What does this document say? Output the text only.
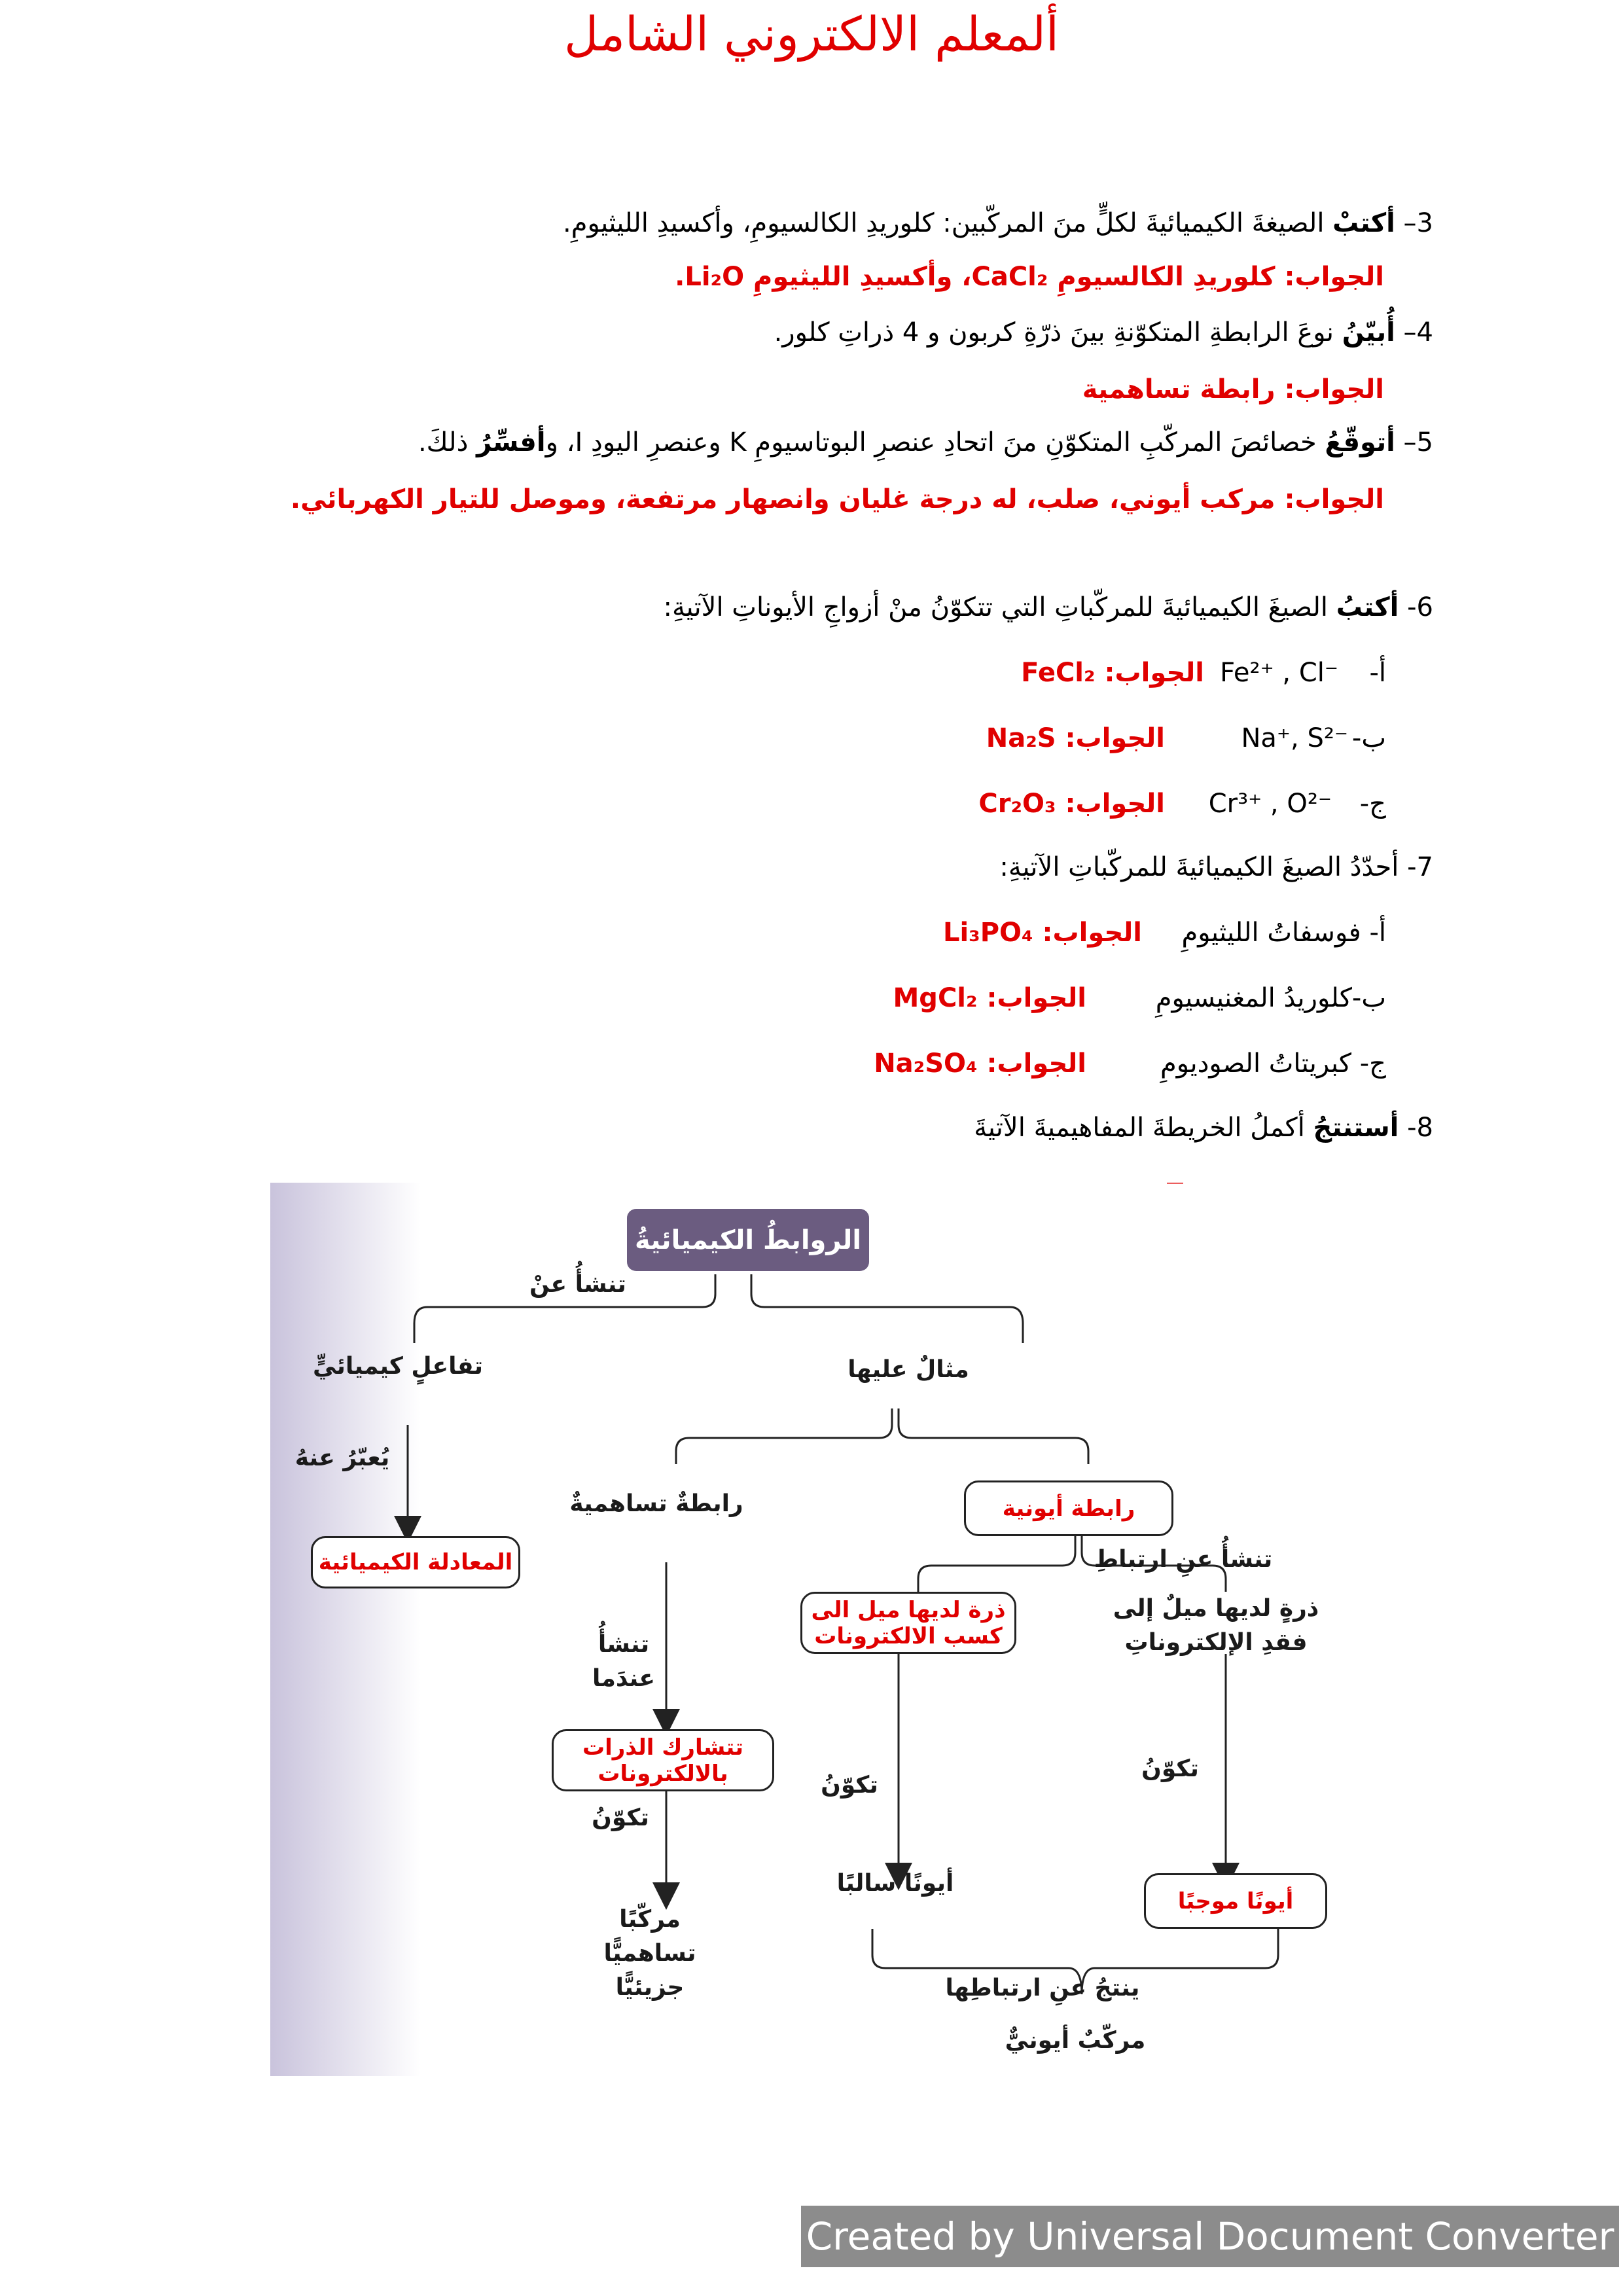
ألمعلم الالكتروني الشامل
3– أكتبْ الصيغةَ الكيميائيةَ لكلٍّ منَ المركّبين: كلوريدِ الكالسيومِ، وأكسيدِ الليثيومِ.
الجواب: كلوريدِ الكالسيومِ CaCl₂، وأكسيدِ الليثيومِ Li₂O.
4– أُبيّنُ نوعَ الرابطةِ المتكوّنةِ بينَ ذرّةِ كربون و 4 ذراتِ كلور.
الجواب: رابطة تساهمية
5– أتوقّعُ خصائصَ المركّبِ المتكوّنِ منَ اتحادِ عنصرِ البوتاسيومِ K وعنصرِ اليودِ I، وأفسِّرُ ذلكَ.
الجواب: مركب أيوني، صلب، له درجة غليان وانصهار مرتفعة، وموصل للتيار الكهربائي.
6- أكتبُ الصيغَ الكيميائيةَ للمركّباتِ التي تتكوّنُ منْ أزواجِ الأيوناتِ الآتيةِ:
أ-
Fe²⁺ , Cl⁻
الجواب: FeCl₂
ب-
Na⁺, S²⁻
الجواب: Na₂S
ج-
Cr³⁺ , O²⁻
الجواب: Cr₂O₃
7- أحدّدُ الصيغَ الكيميائيةَ للمركّباتِ الآتيةِ:
أ- فوسفاتُ الليثيومِ
الجواب: Li₃PO₄
ب-كلوريدُ المغنيسيومِ
الجواب: MgCl₂
ج- كبريتاتُ الصوديومِ
الجواب: Na₂SO₄
8- أستنتجُ أكملُ الخريطةَ المفاهيميةَ الآتيةَ
الروابطُ الكيميائيةُ
تنشأُ عنْ
تفاعلٍ كيميائيٍّ
يُعبّرُ عنهُ
المعادلة الكيميائية
مثالٌ عليها
رابطةٌ تساهميةٌ	رابطة أيونية
تنشأُ عنِ ارتباطِ
تنشأُ
عندَما
تتشارك الذرات
بالالكترونات
تكوّنُ
مركّبًا
تساهميًّا
جزيئيًّا
ذرة لديها ميل الى
كسب الالكترونات
ذرةٍ لديها ميلٌ إلى
فقدِ الإلكتروناتِ
تكوّنُ
تكوّنُ
أيونًا سالبًا
أيونًا موجبًا
ينتجُ عنِ ارتباطِها
مركّبٌ أيونيٌّ
Created by Universal Document Converter
